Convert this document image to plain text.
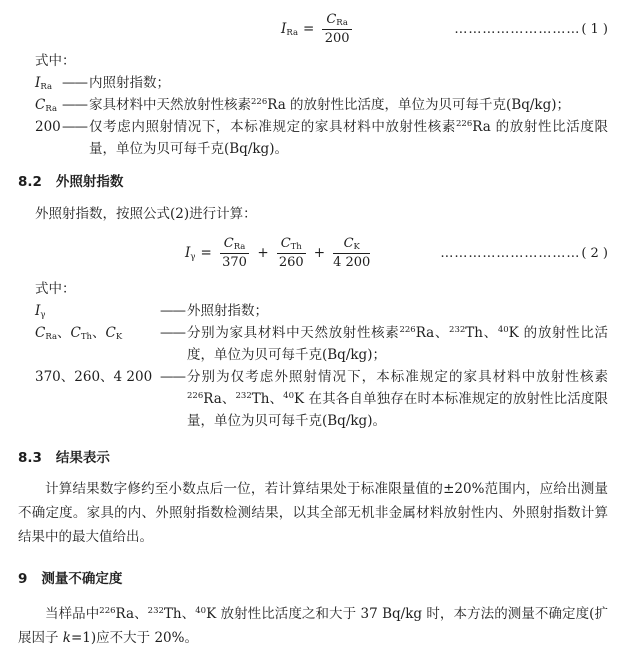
$I_{Ra} = \frac{C_{Ra}}{200}$	……………………… ( 1 )
式中：
$I_{Ra}$ —— 内照射指数；
$C_{Ra}$ —— 家具材料中天然放射性核素$^{226}$Ra 的放射性比活度，单位为贝可每千克(Bq/kg)；
200 —— 仅考虑内照射情况下，本标准规定的家具材料中放射性核素$^{226}$Ra 的放射性比活度限量，单位为贝可每千克(Bq/kg)。
8.2 外照射指数
外照射指数，按照公式(2)进行计算：
$I_\gamma = \frac{C_{Ra}}{370} + \frac{C_{Th}}{260} + \frac{C_K}{4 200}$	………………………… ( 2 )
式中：
$I_\gamma$	—— 外照射指数；
$C_{Ra}$、$C_{Th}$、$C_K$	—— 分别为家具材料中天然放射性核素$^{226}$Ra、$^{232}$Th、$^{40}$K 的放射性比活度，单位为贝可每千克(Bq/kg)；
370、260、4 200 —— 分别为仅考虑外照射情况下，本标准规定的家具材料中放射性核素$^{226}$Ra、$^{232}$Th、$^{40}$K 在其各自单独存在时本标准规定的放射性比活度限量，单位为贝可每千克(Bq/kg)。
8.3 结果表示
计算结果数字修约至小数点后一位，若计算结果处于标准限量值的±20%范围内，应给出测量不确定度。家具的内、外照射指数检测结果，以其全部无机非金属材料放射性内、外照射指数计算结果中的最大值给出。
9 测量不确定度
当样品中$^{226}$Ra、$^{232}$Th、$^{40}$K 放射性比活度之和大于 37 Bq/kg 时，本方法的测量不确定度(扩展因子 k=1)应不大于 20%。
